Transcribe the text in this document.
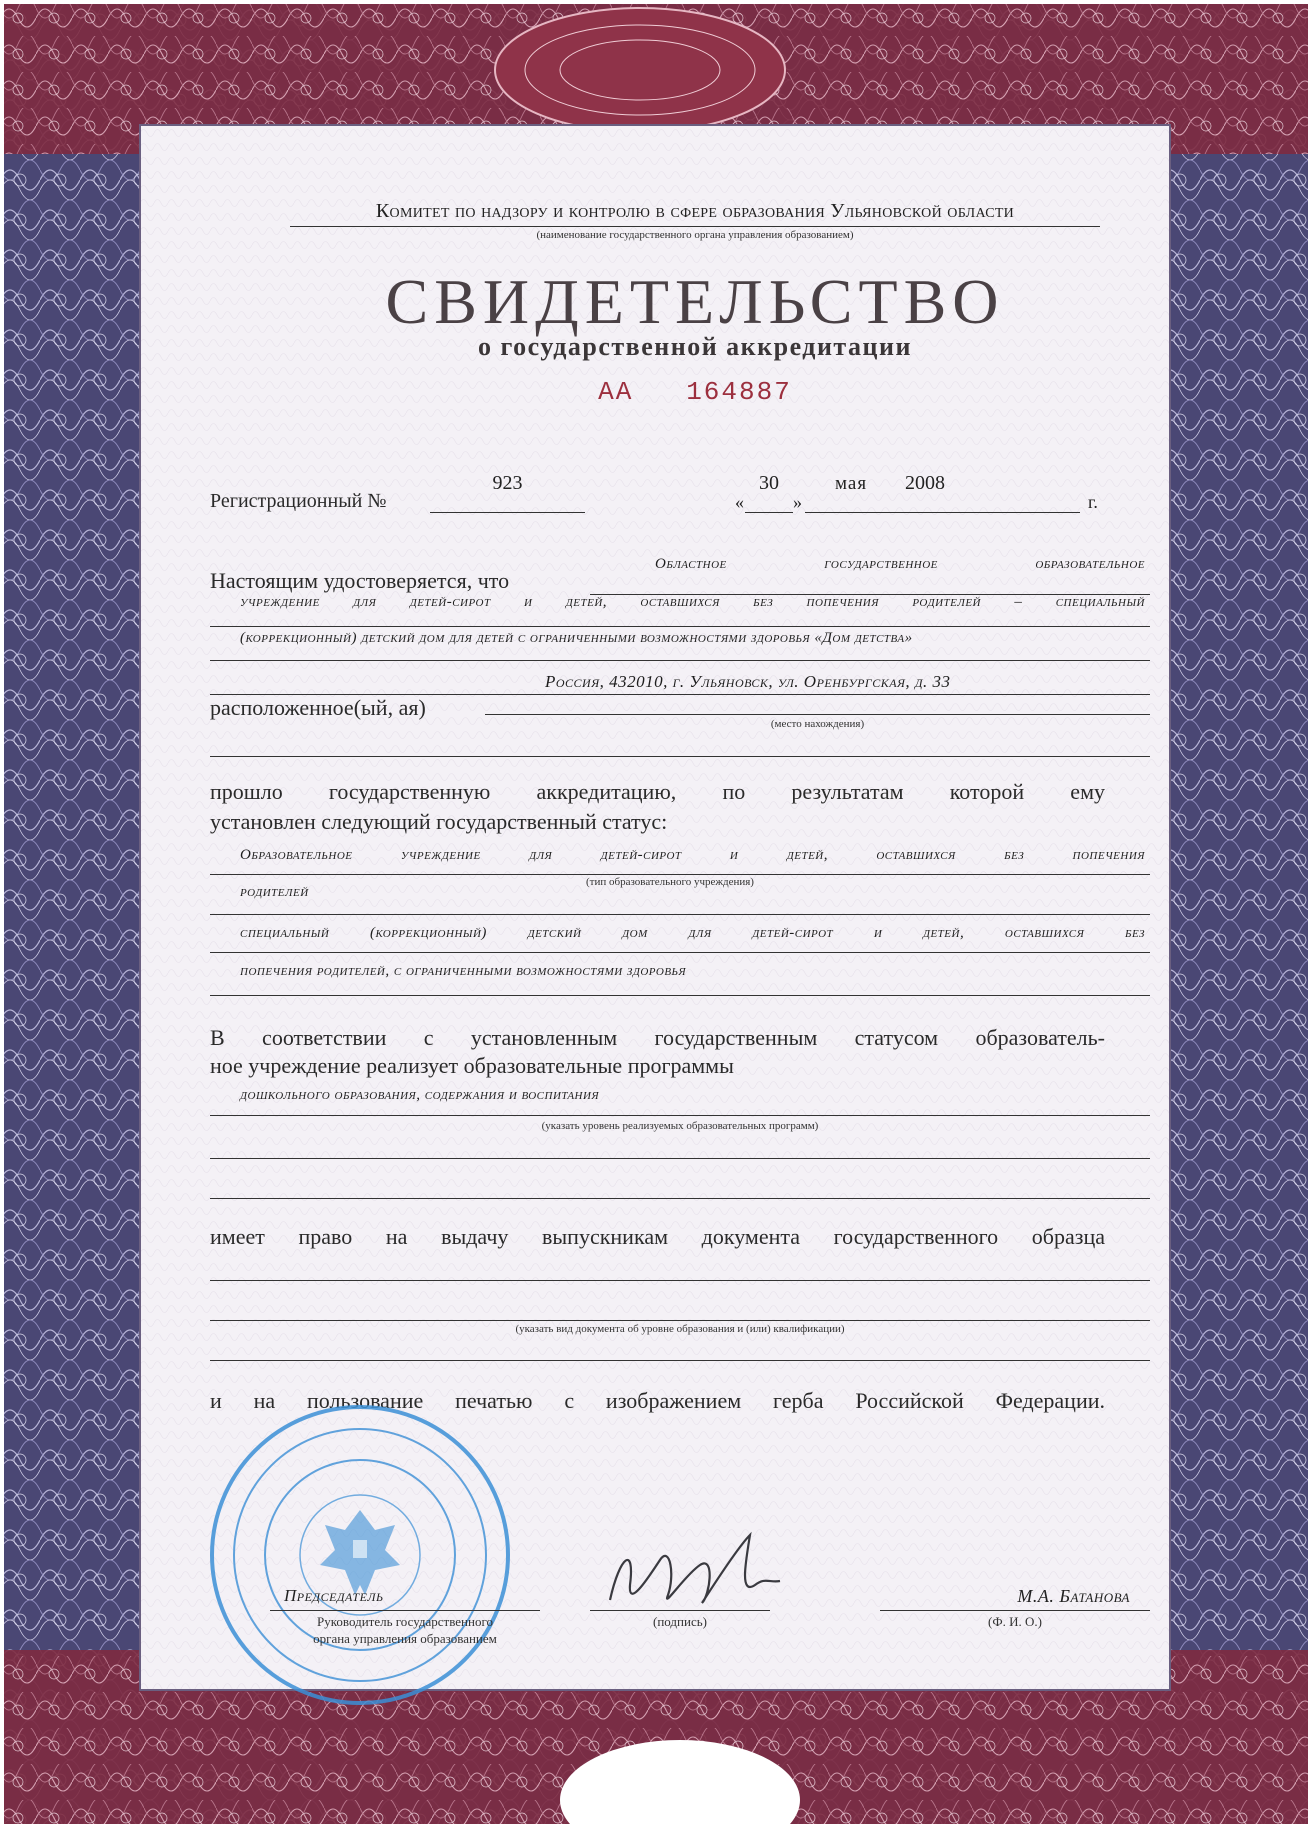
Комитет по надзору и контролю в сфере образования Ульяновской области
(наименование государственного органа управления образованием)
СВИДЕТЕЛЬСТВО
о государственной аккредитации
АА 164887
Регистрационный №
923
«
30
»
мая 2008
г.
Настоящим удостоверяется, что
Областное государственное образовательное
учреждение для детей-сирот и детей, оставшихся без попечения родителей – специальный
(коррекционный) детский дом для детей с ограниченными возможностями здоровья «Дом детства»
Россия, 432010, г. Ульяновск, ул. Оренбургская, д. 33
расположенное(ый, ая)
(место нахождения)
прошло государственную аккредитацию, по результатам которой ему
установлен следующий государственный статус:
Образовательное учреждение для детей-сирот и детей, оставшихся без попечения
(тип образовательного учреждения)
родителей
специальный (коррекционный) детский дом для детей-сирот и детей, оставшихся без
попечения родителей, с ограниченными возможностями здоровья
В соответствии с установленным государственным статусом образователь-
ное учреждение реализует образовательные программы
дошкольного образования, содержания и воспитания
(указать уровень реализуемых образовательных программ)
имеет право на выдачу выпускникам документа государственного образца
(указать вид документа об уровне образования и (или) квалификации)
и на пользование печатью с изображением герба Российской Федерации.
Председатель
Руководитель государственного
органа управления образованием
(подпись)
М.А. Батанова
(Ф. И. О.)
